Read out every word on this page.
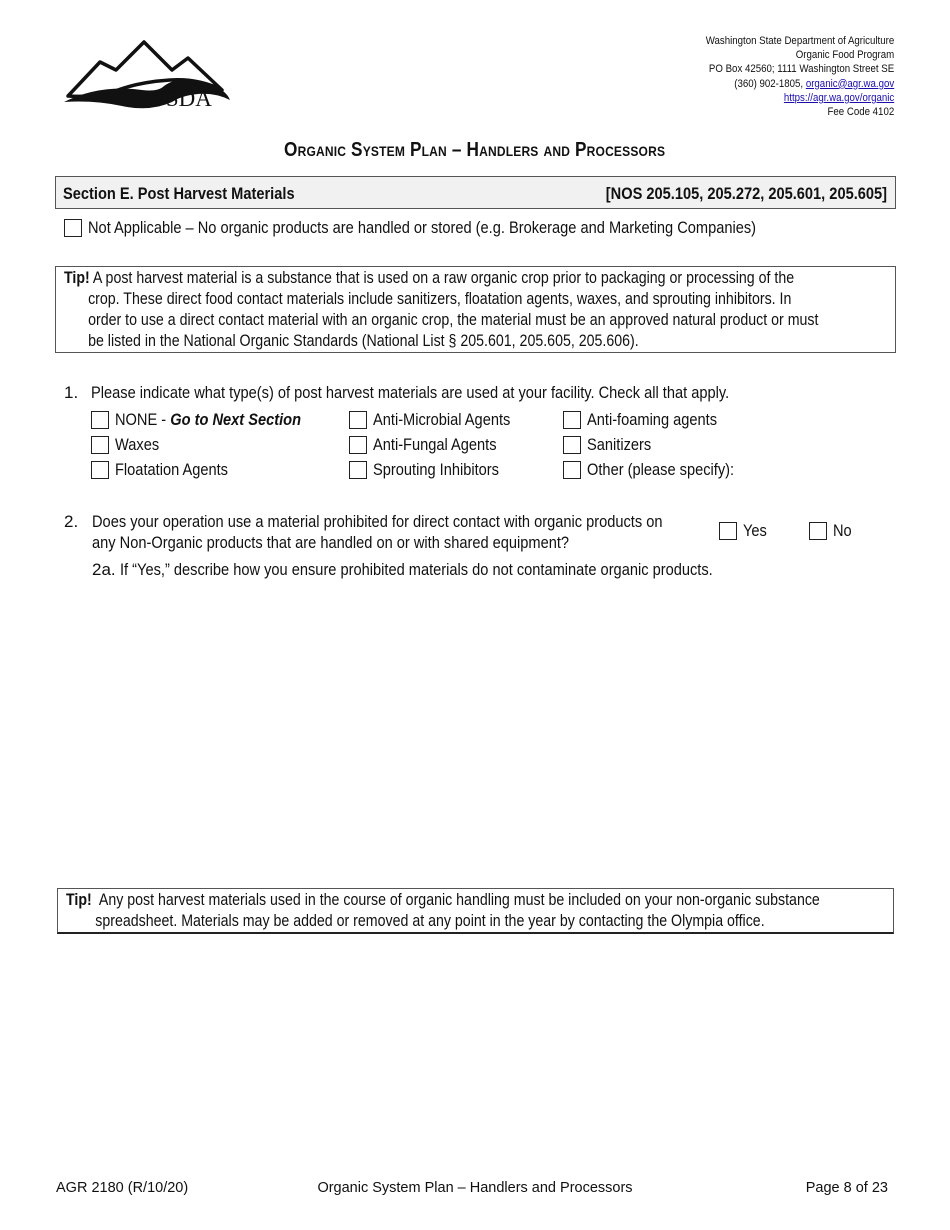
WSDA
Washington State Department of Agriculture
Organic Food Program
PO Box 42560; 1111 Washington Street SE
(360) 902-1805, organic@agr.wa.gov
https://agr.wa.gov/organic
Fee Code 4102
Organic System Plan – Handlers and Processors
Section E. Post Harvest Materials	[NOS 205.105, 205.272, 205.601, 205.605]
Not Applicable – No organic products are handled or stored (e.g. Brokerage and Marketing Companies)
Tip! A post harvest material is a substance that is used on a raw organic crop prior to packaging or processing of the
crop. These direct food contact materials include sanitizers, floatation agents, waxes, and sprouting inhibitors. In
order to use a direct contact material with an organic crop, the material must be an approved natural product or must
be listed in the National Organic Standards (National List § 205.601, 205.605, 205.606).
1. Please indicate what type(s) of post harvest materials are used at your facility. Check all that apply.
NONE - Go to Next Section
Waxes
Floatation Agents
Anti-Microbial Agents
Anti-Fungal Agents
Sprouting Inhibitors
Anti-foaming agents
Sanitizers
Other (please specify):
2. Does your operation use a material prohibited for direct contact with organic products on
any Non-Organic products that are handled on or with shared equipment?
Yes	No
2a. If “Yes,” describe how you ensure prohibited materials do not contaminate organic products.
Tip! Any post harvest materials used in the course of organic handling must be included on your non-organic substance
spreadsheet. Materials may be added or removed at any point in the year by contacting the Olympia office.
AGR 2180 (R/10/20)	Organic System Plan – Handlers and Processors	Page 8 of 23
